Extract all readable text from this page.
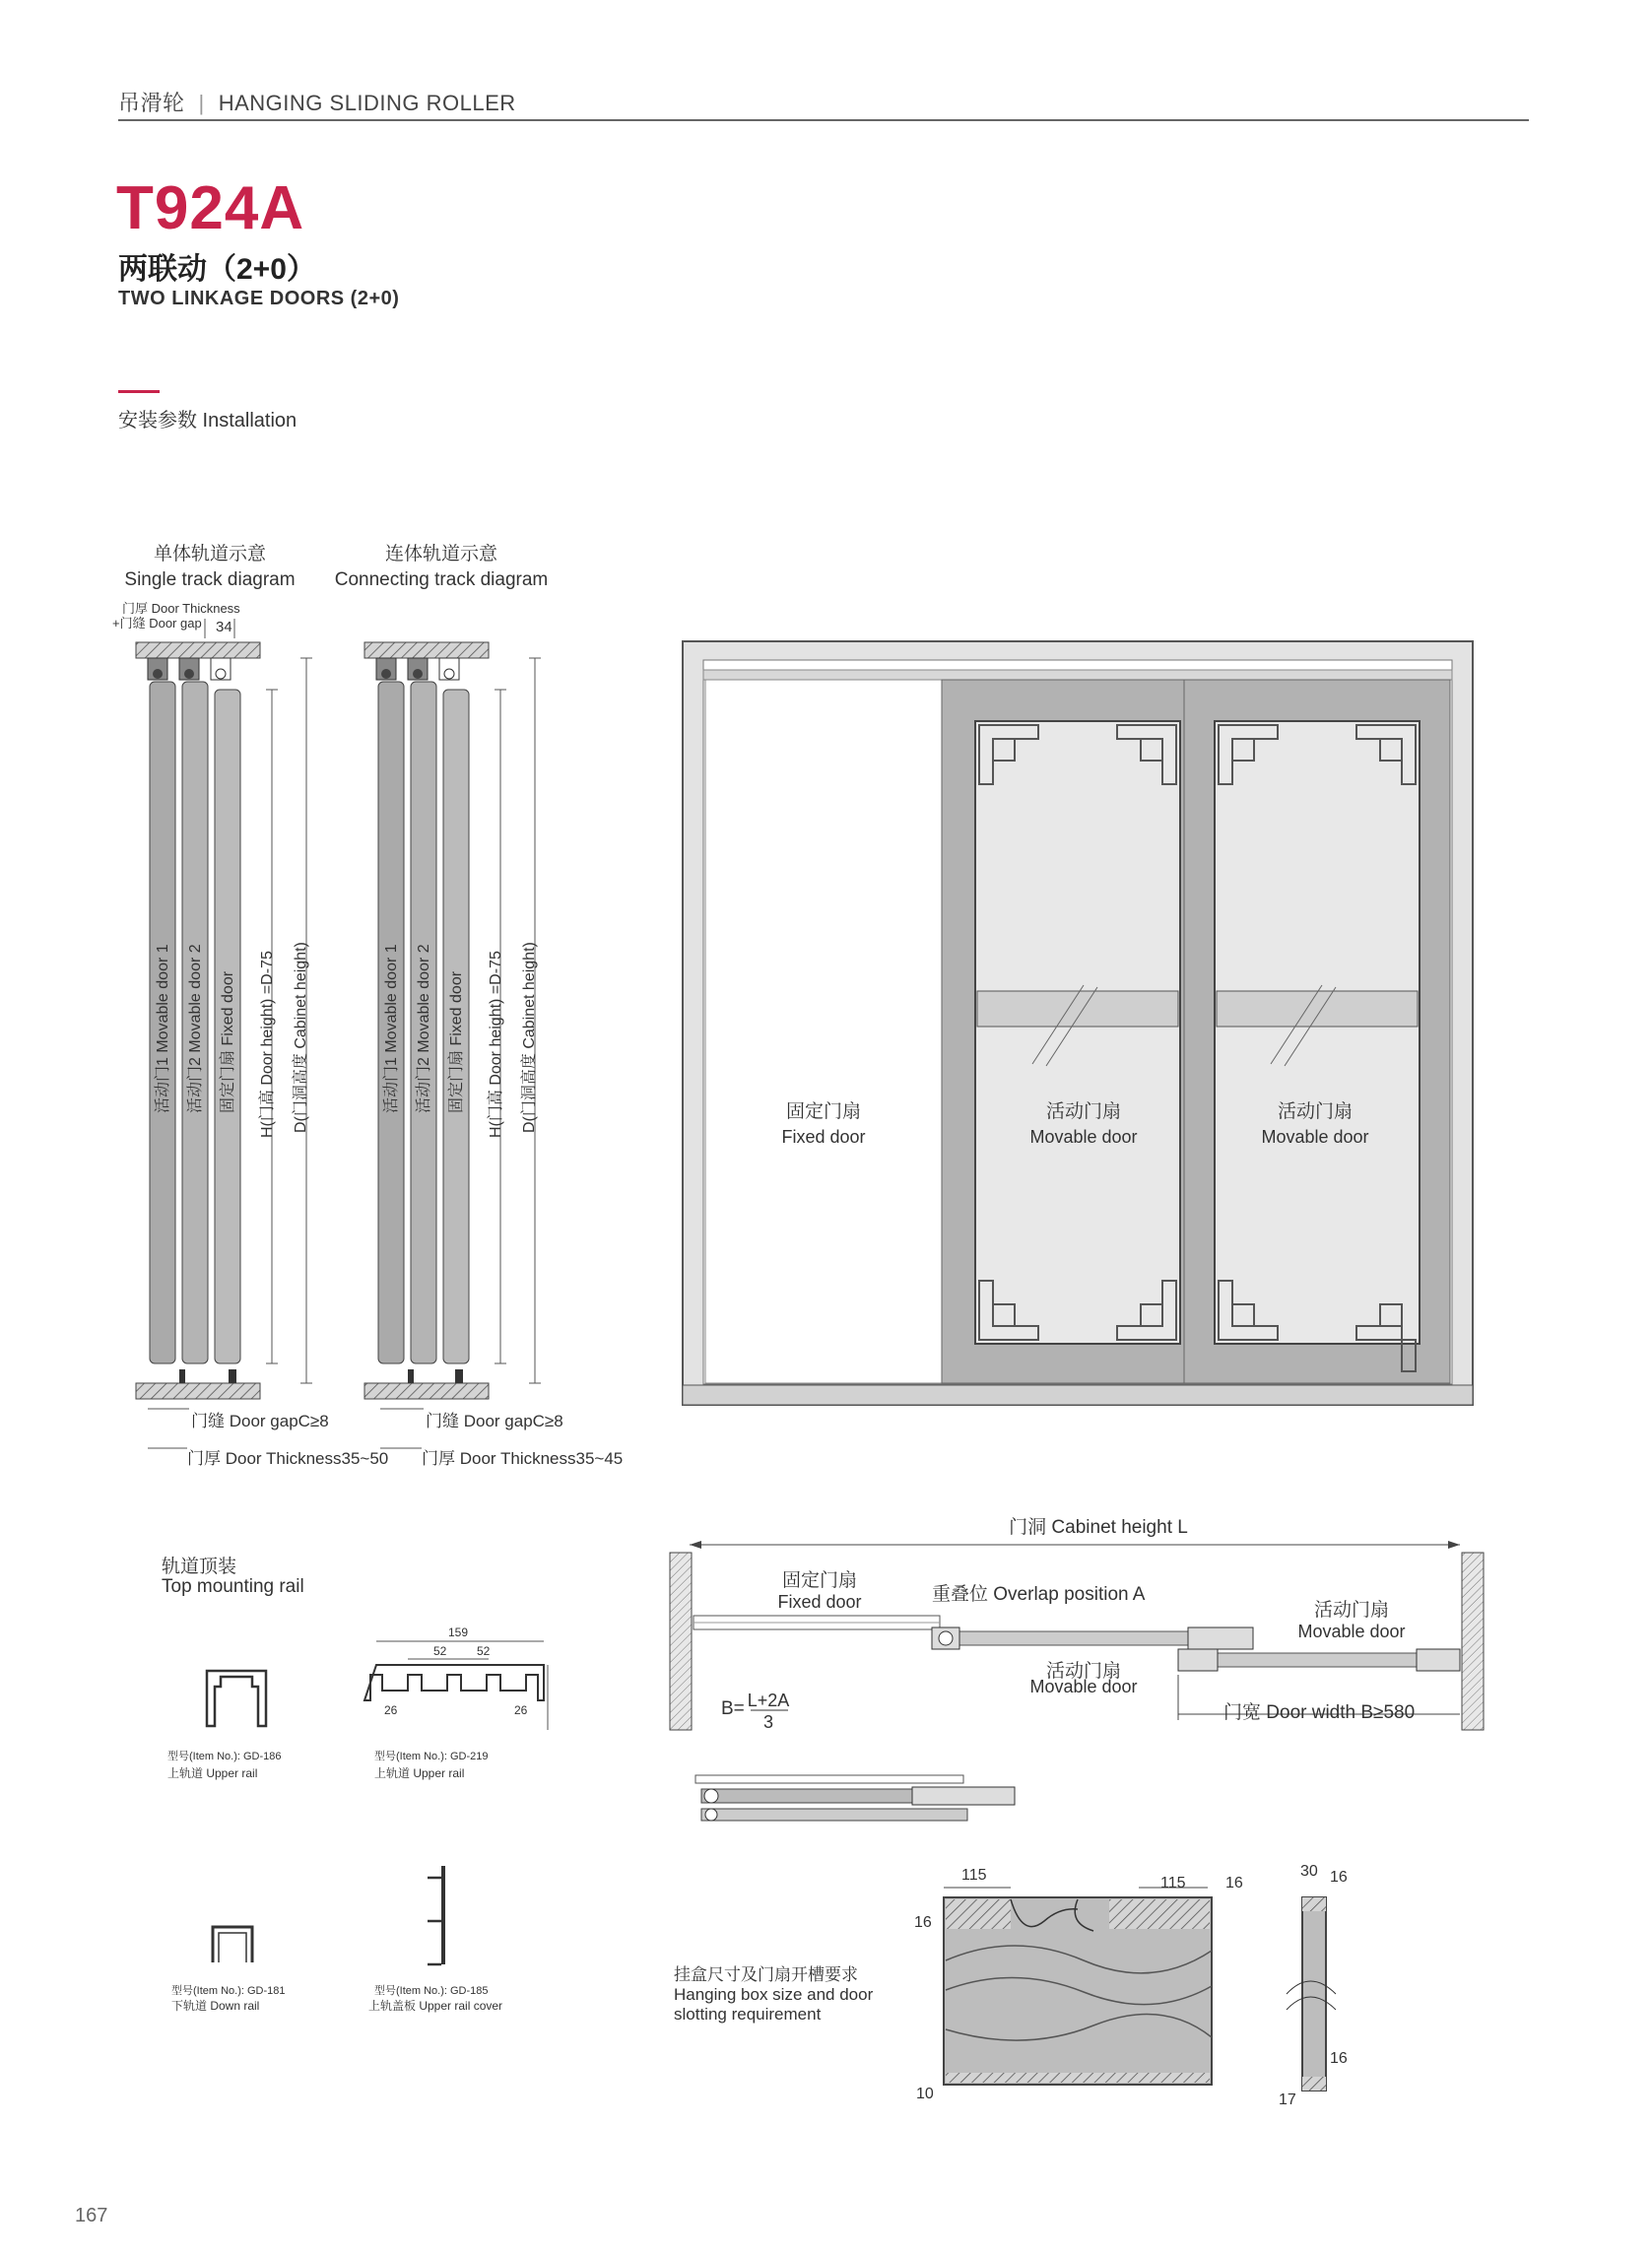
吊滑轮 | HANGING SLIDING ROLLER
T924A
两联动（2+0）
TWO LINKAGE DOORS (2+0)
安装参数 Installation
单体轨道示意
Single track diagram
门厚 Door Thickness
+门缝 Door gap 34
活动门1 Movable door 1 活动门2 Movable door 2 固定门扇 Fixed door H(门高 Door height) =D-75 D(门洞高度 Cabinet height)
门缝 Door gapC≥8
门厚 Door Thickness35~50
连体轨道示意
Connecting track diagram
活动门1 Movable door 1 活动门2 Movable door 2 固定门扇 Fixed door H(门高 Door height) =D-75 D(门洞高度 Cabinet height)
门缝 Door gapC≥8
门厚 Door Thickness35~45
固定门扇
Fixed door
活动门扇
Movable door
活动门扇
Movable door
轨道顶装
Top mounting rail
型号(Item No.): GD-186
上轨道 Upper rail
159
52	52
26	26
型号(Item No.): GD-219
上轨道 Upper rail
型号(Item No.): GD-181
下轨道 Down rail
型号(Item No.): GD-185
上轨盖板 Upper rail cover
门洞 Cabinet height L
固定门扇
Fixed door	重叠位 Overlap position A
活动门扇
Movable door
活动门扇
Movable door
B= L+2A
3	门宽 Door width B≥580
挂盒尺寸及门扇开槽要求
Hanging box size and door
slotting requirement
115	115	16
16
10
30 16
16
17
167
